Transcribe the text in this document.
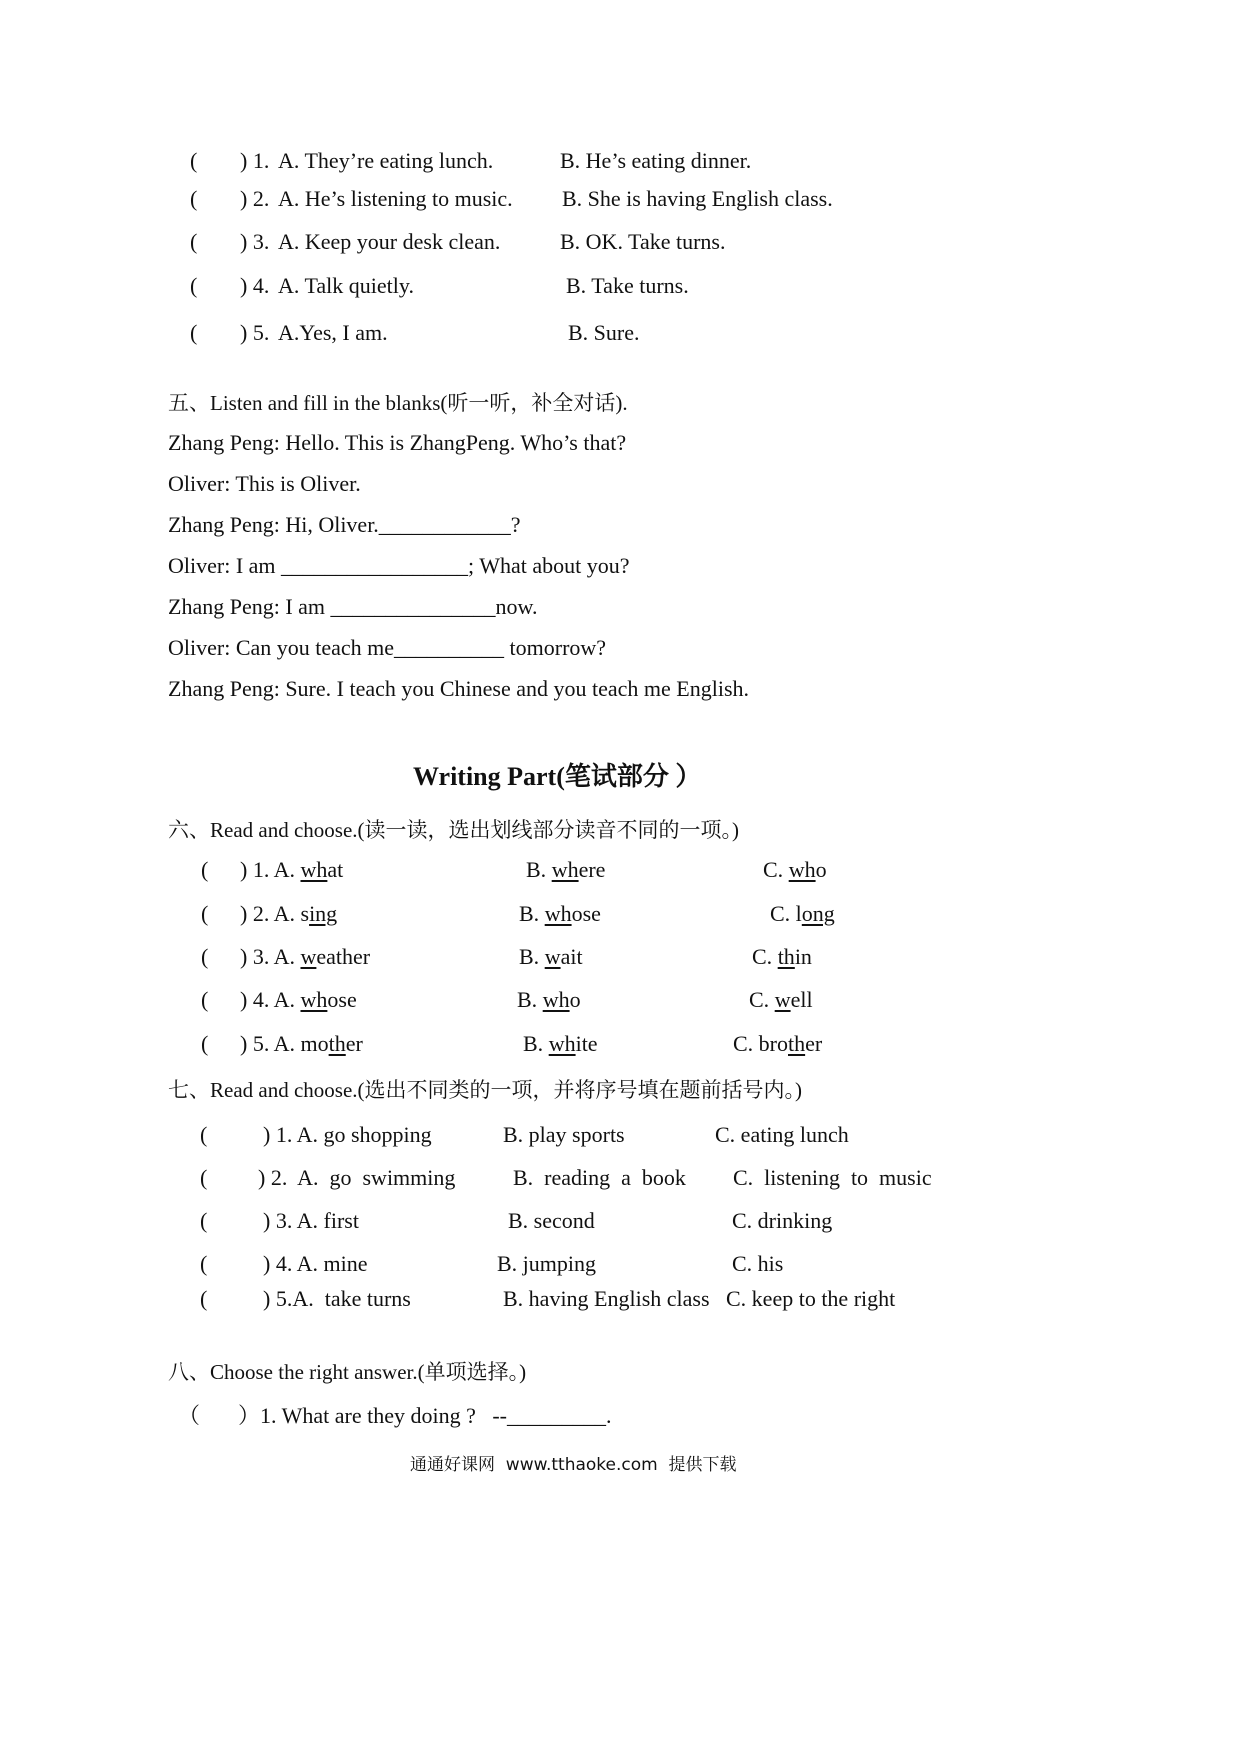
( ) 1. A. They’re eating lunch.	B. He’s eating dinner.
( ) 2. A. He’s listening to music. B. She is having English class.
( ) 3. A. Keep your desk clean.	B. OK. Take turns.
( ) 4. A. Talk quietly.	B. Take turns.
( ) 5. A.Yes, I am.	B. Sure.
五、Listen and fill in the blanks(听一听，补全对话).
Zhang Peng: Hello. This is ZhangPeng. Who’s that?
Oliver: This is Oliver.
Zhang Peng: Hi, Oliver.____________?
Oliver: I am _________________; What about you?
Zhang Peng: I am _______________now.
Oliver: Can you teach me__________ tomorrow?
Zhang Peng: Sure. I teach you Chinese and you teach me English.
Writing Part(笔试部分 ）
六、Read and choose.(读一读，选出划线部分读音不同的一项。)
( ) 1. A. what	B. where	C. who
( ) 2. A. sing	B. whose	C. long
( ) 3. A. weather	B. wait	C. thin
( ) 4. A. whose	B. who	C. well
( ) 5. A. mother	B. white	C. brother
七、Read and choose.(选出不同类的一项，并将序号填在题前括号内。)
(	) 1. A. go shopping	B. play sports	C. eating lunch
( ) 2.  A.  go  swimming	B.  reading  a  book C.  listening  to  music
(	) 3. A. first	B. second	C. drinking
(	) 4. A. mine	B. jumping	C. his
(	) 5.A.  take turns	B. having English class C. keep to the right
八、Choose the right answer.(单项选择。)
（ ）1. What are they doing ?   --_________.
通通好课网  www.tthaoke.com  提供下载
